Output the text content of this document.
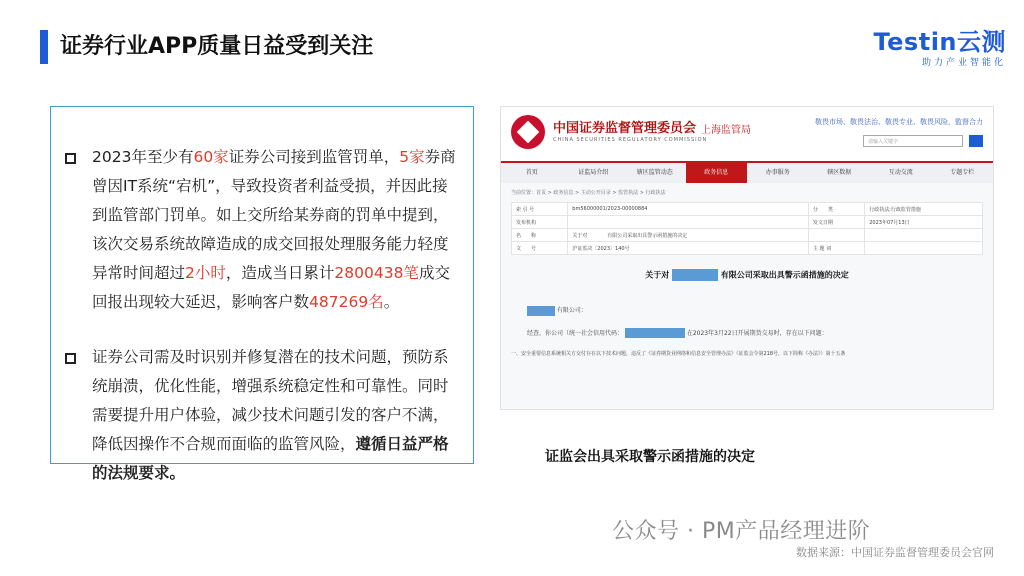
证券行业APP质量日益受到关注	Testin云测
助力产业智能化
2023年至少有60家证券公司接到监管罚单，5家券商曾因IT系统“宕机”，导致投资者利益受损，并因此接到监管部门罚单。如上交所给某券商的罚单中提到，该次交易系统故障造成的成交回报处理服务能力轻度异常时间超过2小时，造成当日累计2800438笔成交回报出现较大延迟，影响客户数487269名。
证券公司需及时识别并修复潜在的技术问题，预防系统崩溃，优化性能，增强系统稳定性和可靠性。同时需要提升用户体验，减少技术问题引发的客户不满，降低因操作不合规而面临的监管风险，遵循日益严格的法规要求。
中国证券监督管理委员会
CHINA SECURITIES REGULATORY COMMISSION
上海监管局
敬畏市场、敬畏法治、敬畏专业、敬畏风险，監督合力
请输入关键字
首页	证监局介绍	辖区监管动态	政务信息	办事服务	辖区数据	互动交流	专题专栏
当前位置：首页 > 政务信息 > 主动公开目录 > 监管执法 > 行政执法
索 引 号	bm56000001/2023-00000884	分　　类	行政执法;行政监管措施
发布机构		发文日期	2023年07月13日
名　　称	关于对　　　　有限公司采取出具警示函措施的决定		
文　　号	沪证监决〔2023〕140号	主 题 词	
关于对	有限公司采取出具警示函措施的决定
有限公司：
经查，你公司（统一社会信用代码：	在2023年3月22日开展期货交易时，存在以下问题：
一、安全重要信息系统相关方交付存在以下技术问题，违反了《证券期货业网络和信息安全管理办法》（证监会令第218号，以下简称《办法》）第十五条
证监会出具采取警示函措施的决定
公众号 · PM产品经理进阶
数据来源：中国证券监督管理委员会官网
